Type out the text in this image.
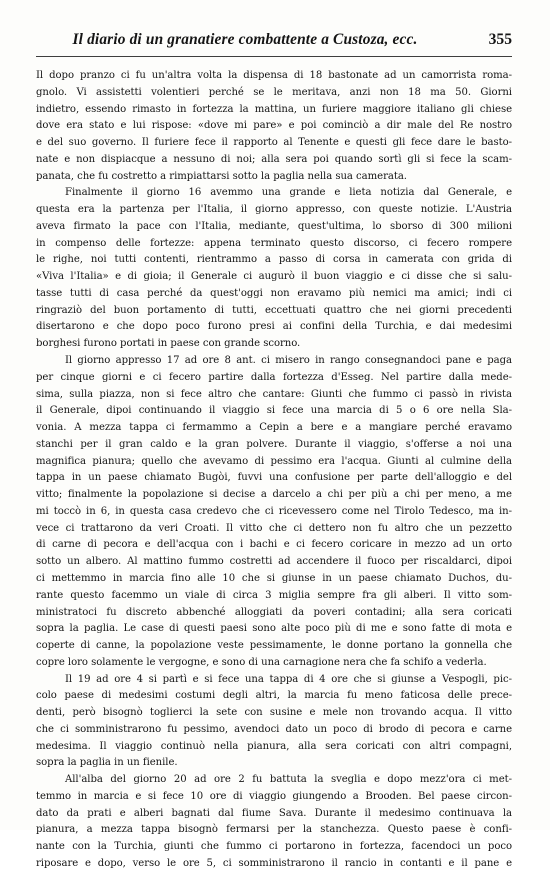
Il diario di un granatiere combattente a Custoza, ecc.	355
Il dopo pranzo ci fu un'altra volta la dispensa di 18 bastonate ad un camorrista roma-
gnolo. Vi assistetti volentieri perché se le meritava, anzi non 18 ma 50. Giorni
indietro, essendo rimasto in fortezza la mattina, un furiere maggiore italiano gli chiese
dove era stato e lui rispose: «dove mi pare» e poi cominciò a dir male del Re nostro
e del suo governo. Il furiere fece il rapporto al Tenente e questi gli fece dare le basto-
nate e non dispiacque a nessuno di noi; alla sera poi quando sortì gli si fece la scam-
panata, che fu costretto a rimpiattarsi sotto la paglia nella sua camerata.
Finalmente il giorno 16 avemmo una grande e lieta notizia dal Generale, e
questa era la partenza per l'Italia, il giorno appresso, con queste notizie. L'Austria
aveva firmato la pace con l'Italia, mediante, quest'ultima, lo sborso di 300 milioni
in compenso delle fortezze: appena terminato questo discorso, ci fecero rompere
le righe, noi tutti contenti, rientrammo a passo di corsa in camerata con grida di
«Viva l'Italia» e di gioia; il Generale ci augurò il buon viaggio e ci disse che si salu-
tasse tutti di casa perché da quest'oggi non eravamo più nemici ma amici; indi ci
ringraziò del buon portamento di tutti, eccettuati quattro che nei giorni precedenti
disertarono e che dopo poco furono presi ai confini della Turchia, e dai medesimi
borghesi furono portati in paese con grande scorno.
Il giorno appresso 17 ad ore 8 ant. ci misero in rango consegnandoci pane e paga
per cinque giorni e ci fecero partire dalla fortezza d'Esseg. Nel partire dalla mede-
sima, sulla piazza, non si fece altro che cantare: Giunti che fummo ci passò in rivista
il Generale, dipoi continuando il viaggio si fece una marcia di 5 o 6 ore nella Sla-
vonia. A mezza tappa ci fermammo a Cepin a bere e a mangiare perché eravamo
stanchi per il gran caldo e la gran polvere. Durante il viaggio, s'offerse a noi una
magnifica pianura; quello che avevamo di pessimo era l'acqua. Giunti al culmine della
tappa in un paese chiamato Bugòi, fuvvi una confusione per parte dell'alloggio e del
vitto; finalmente la popolazione si decise a darcelo a chi per più a chi per meno, a me
mi toccò in 6, in questa casa credevo che ci ricevessero come nel Tirolo Tedesco, ma in-
vece ci trattarono da veri Croati. Il vitto che ci dettero non fu altro che un pezzetto
di carne di pecora e dell'acqua con i bachi e ci fecero coricare in mezzo ad un orto
sotto un albero. Al mattino fummo costretti ad accendere il fuoco per riscaldarci, dipoi
ci mettemmo in marcia fino alle 10 che si giunse in un paese chiamato Duchos, du-
rante questo facemmo un viale di circa 3 miglia sempre fra gli alberi. Il vitto som-
ministratoci fu discreto abbenché alloggiati da poveri contadini; alla sera coricati
sopra la paglia. Le case di questi paesi sono alte poco più di me e sono fatte di mota e
coperte di canne, la popolazione veste pessimamente, le donne portano la gonnella che
copre loro solamente le vergogne, e sono di una carnagione nera che fa schifo a vederla.
Il 19 ad ore 4 si partì e si fece una tappa di 4 ore che si giunse a Vespogli, pic-
colo paese di medesimi costumi degli altri, la marcia fu meno faticosa delle prece-
denti, però bisognò toglierci la sete con susine e mele non trovando acqua. Il vitto
che ci somministrarono fu pessimo, avendoci dato un poco di brodo di pecora e carne
medesima. Il viaggio continuò nella pianura, alla sera coricati con altri compagni,
sopra la paglia in un fienile.
All'alba del giorno 20 ad ore 2 fu battuta la sveglia e dopo mezz'ora ci met-
temmo in marcia e si fece 10 ore di viaggio giungendo a Brooden. Bel paese circon-
dato da prati e alberi bagnati dal fiume Sava. Durante il medesimo continuava la
pianura, a mezza tappa bisognò fermarsi per la stanchezza. Questo paese è confi-
nante con la Turchia, giunti che fummo ci portarono in fortezza, facendoci un poco
riposare e dopo, verso le ore 5, ci somministrarono il rancio in contanti e il pane e
